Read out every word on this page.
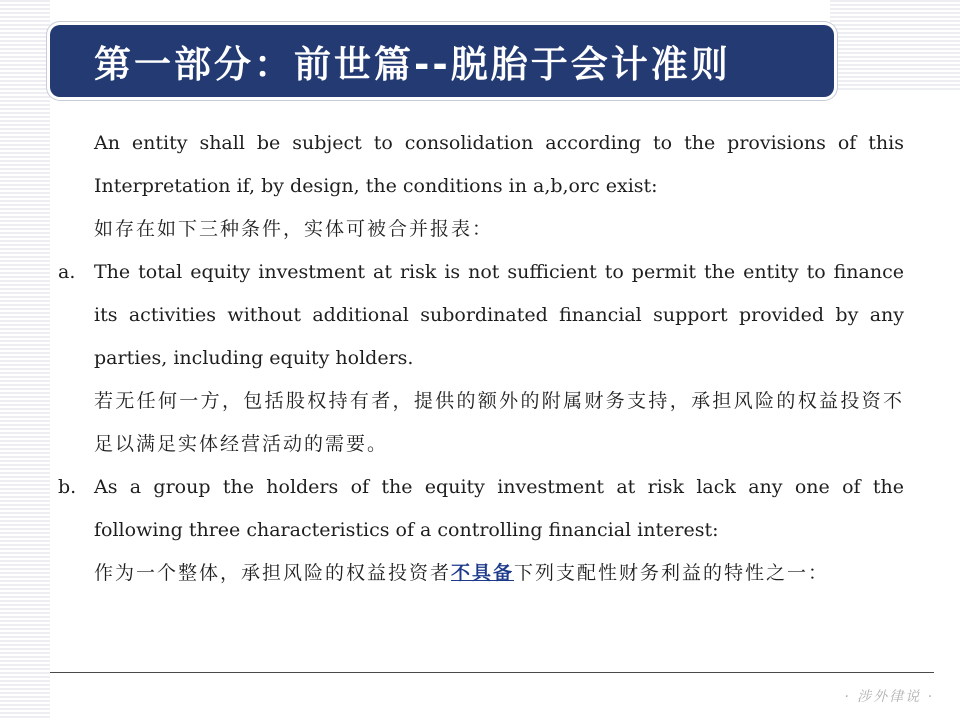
第一部分：前世篇--脱胎于会计准则

An entity shall be subject to consolidation according to the provisions of this Interpretation if, by design, the conditions in a,b,orc exist:

如存在如下三种条件，实体可被合并报表：

a. The total equity investment at risk is not sufficient to permit the entity to finance its activities without additional subordinated financial support provided by any parties, including equity holders.

若无任何一方，包括股权持有者，提供的额外的附属财务支持，承担风险的权益投资不足以满足实体经营活动的需要。

b. As a group the holders of the equity investment at risk lack any one of the following three characteristics of a controlling financial interest:

作为一个整体，承担风险的权益投资者不具备下列支配性财务利益的特性之一：

· 涉外律说 ·
